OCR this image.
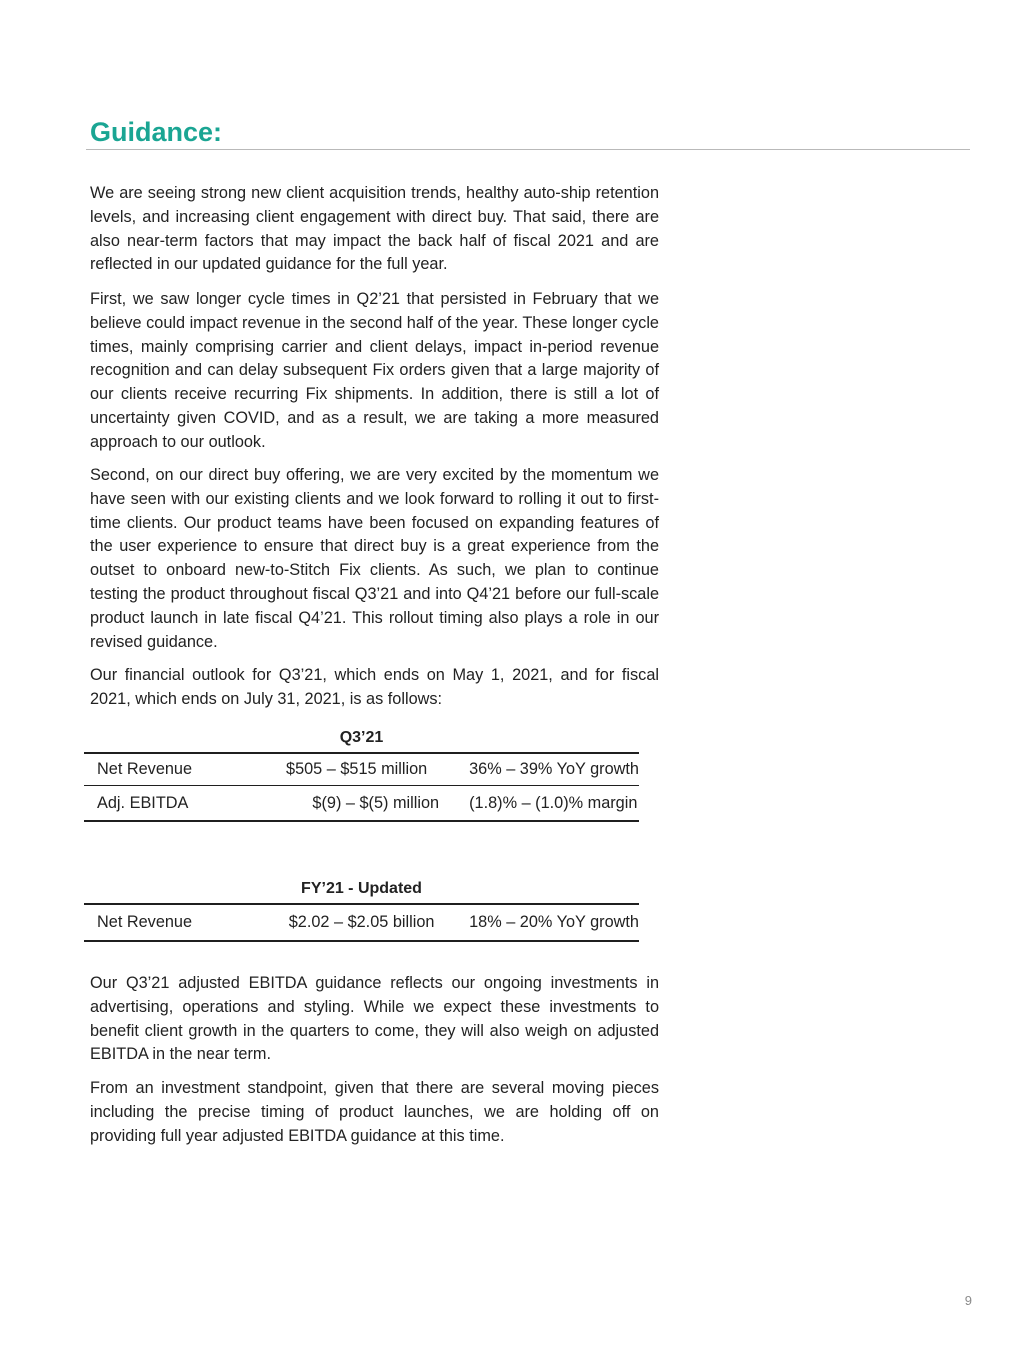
Guidance:

We are seeing strong new client acquisition trends, healthy auto-ship retention levels, and increasing client engagement with direct buy. That said, there are also near-term factors that may impact the back half of fiscal 2021 and are reflected in our updated guidance for the full year.

First, we saw longer cycle times in Q2’21 that persisted in February that we believe could impact revenue in the second half of the year. These longer cycle times, mainly comprising carrier and client delays, impact in-period revenue recognition and can delay subsequent Fix orders given that a large majority of our clients receive recurring Fix shipments. In addition, there is still a lot of uncertainty given COVID, and as a result, we are taking a more measured approach to our outlook.

Second, on our direct buy offering, we are very excited by the momentum we have seen with our existing clients and we look forward to rolling it out to first-time clients. Our product teams have been focused on expanding features of the user experience to ensure that direct buy is a great experience from the outset to onboard new-to-Stitch Fix clients. As such, we plan to continue testing the product throughout fiscal Q3’21 and into Q4’21 before our full-scale product launch in late fiscal Q4’21. This rollout timing also plays a role in our revised guidance.

Our financial outlook for Q3’21, which ends on May 1, 2021, and for fiscal 2021, which ends on July 31, 2021, is as follows:

Q3’21
Net Revenue	$505 – $515 million	36% – 39% YoY growth
Adj. EBITDA	$(9) – $(5) million	(1.8)% – (1.0)% margin
FY’21 - Updated
Net Revenue	$2.02 – $2.05 billion	18% – 20% YoY growth

Our Q3’21 adjusted EBITDA guidance reflects our ongoing investments in advertising, operations and styling. While we expect these investments to benefit client growth in the quarters to come, they will also weigh on adjusted EBITDA in the near term.

From an investment standpoint, given that there are several moving pieces including the precise timing of product launches, we are holding off on providing full year adjusted EBITDA guidance at this time.

9
